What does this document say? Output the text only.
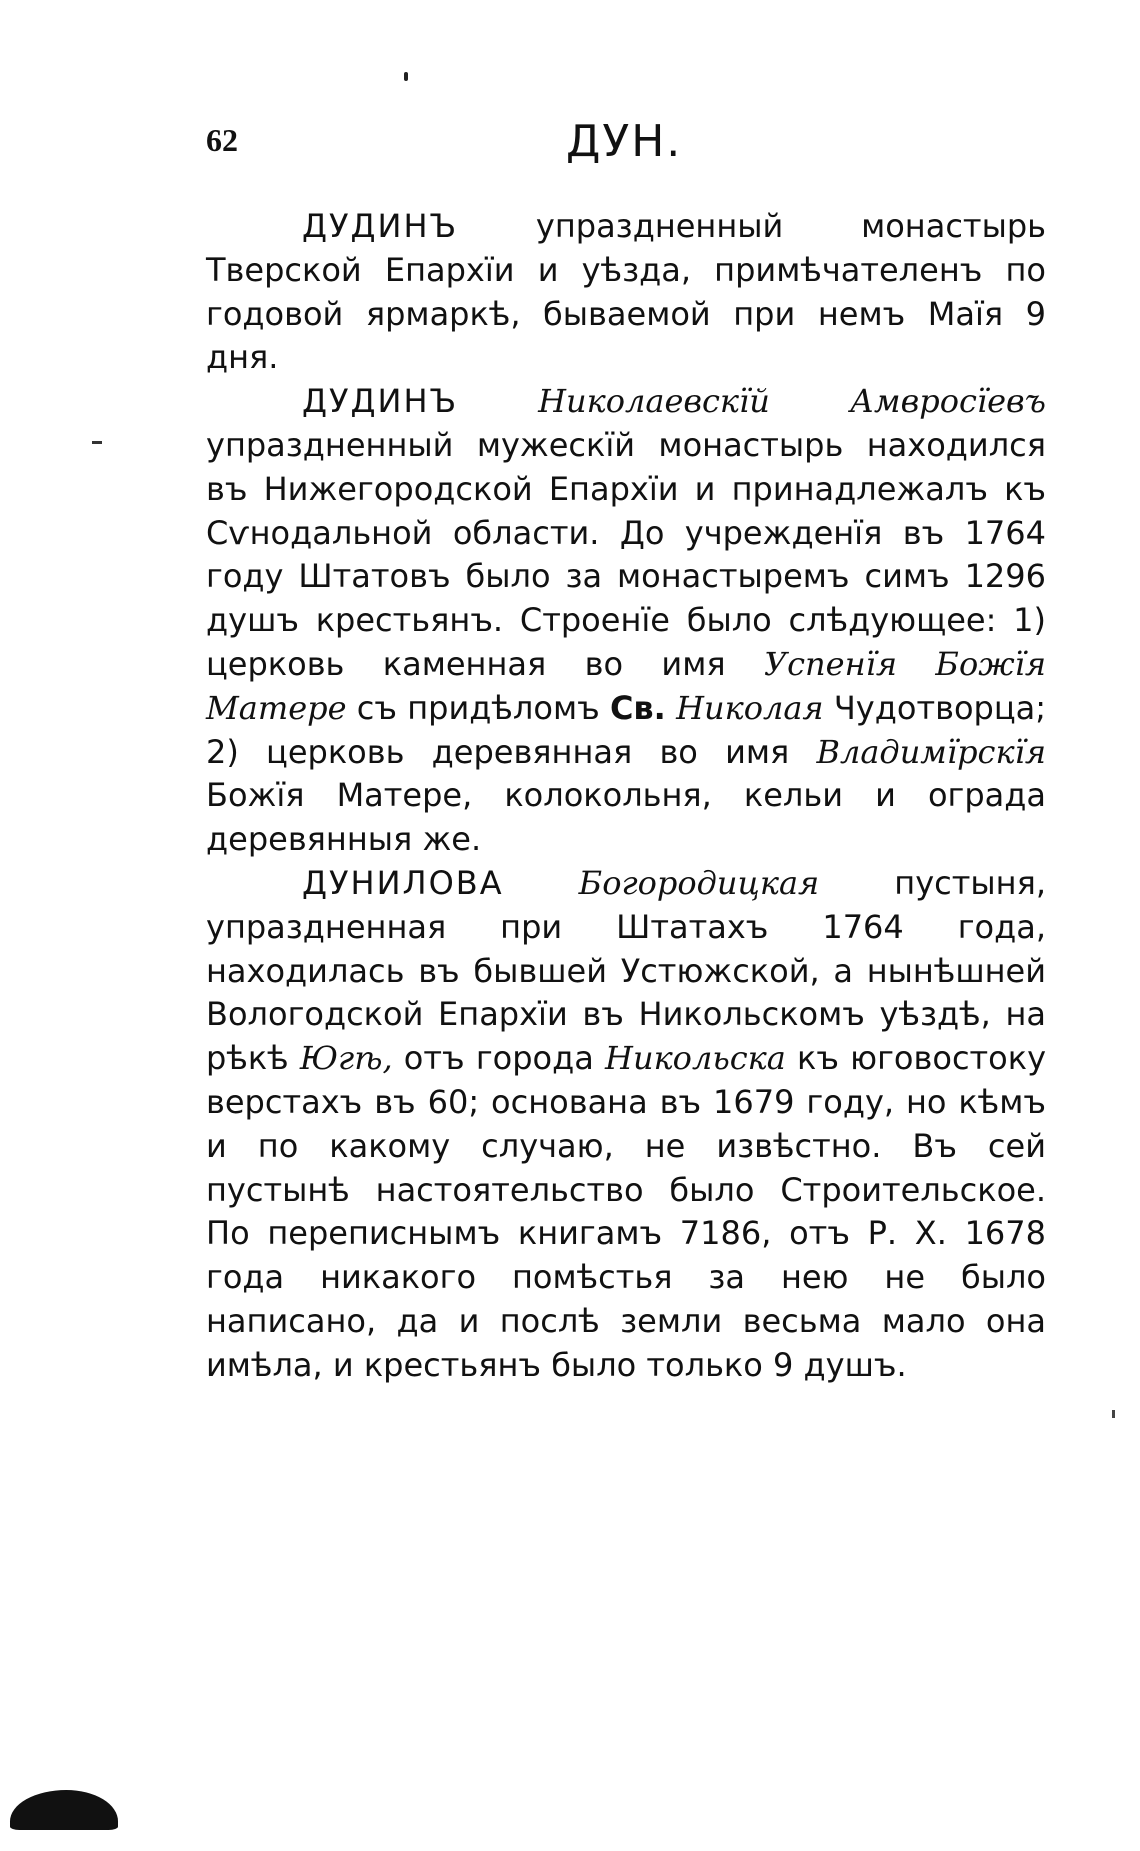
62	ДУН.

ДУДИНЪ упраздненный монастырь Тверской Епархïи и уѣзда, примѣчателенъ по годовой ярмаркѣ, бываемой при немъ Маïя 9 дня.

ДУДИНЪ Николаевскïй Амвросïевъ упраздненный мужескïй монастырь находился въ Нижегородской Епархïи и принадлежалъ къ Сѵнодальной области. До учрежденïя въ 1764 году Штатовъ было за монастыремъ симъ 1296 душъ крестьянъ. Строенïе было слѣдующее: 1) церковь каменная во имя Успенïя Божïя Матере съ придѣломъ Св. Николая Чудотворца; 2) церковь деревянная во имя Владимïрскïя Божïя Матере, колокольня, кельи и ограда деревянныя же.

ДУНИЛОВА Богородицкая пустыня, упраздненная при Штатахъ 1764 года, находилась въ бывшей Устюжской, а нынѣшней Вологодской Епархïи въ Никольскомъ уѣздѣ, на рѣкѣ Югѣ, отъ города Никольска къ юговостоку верстахъ въ 60; основана въ 1679 году, но кѣмъ и по какому случаю, не извѣстно. Въ сей пустынѣ настоятельство было Строительское. По переписнымъ книгамъ 7186, отъ Р. Х. 1678 года никакого помѣстья за нею не было написано, да и послѣ земли весьма мало она имѣла, и крестьянъ было только 9 душъ.
